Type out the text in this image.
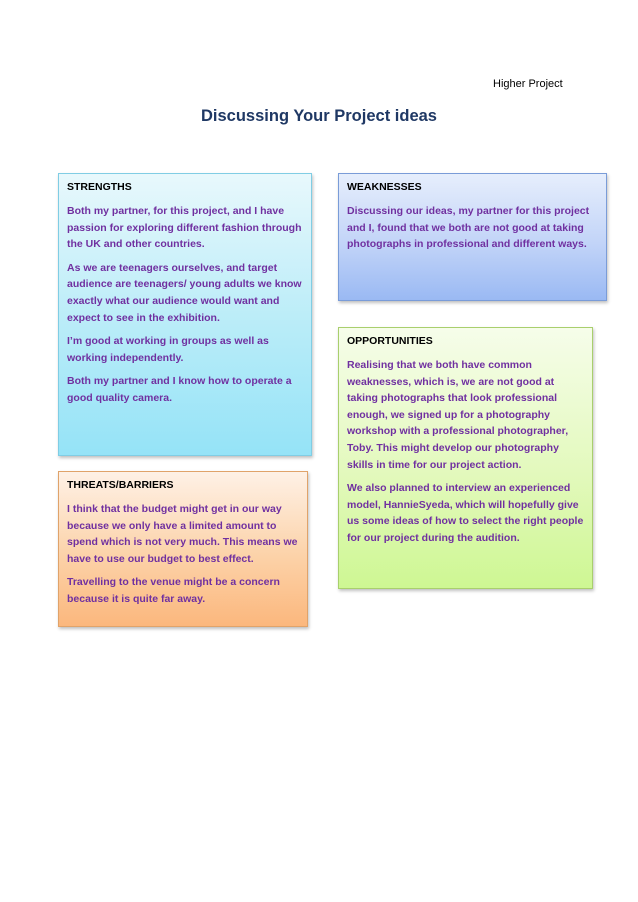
Higher Project
Discussing Your Project ideas

STRENGTHS

Both my partner, for this project, and I have passion for exploring different fashion through the UK and other countries.

As we are teenagers ourselves, and target audience are teenagers/ young adults we know exactly what our audience would want and expect to see in the exhibition.

I’m good at working in groups as well as working independently.

Both my partner and I know how to operate a good quality camera.

WEAKNESSES

Discussing our ideas, my partner for this project and I, found that we both are not good at taking photographs in professional and different ways.

OPPORTUNITIES

Realising that we both have common weaknesses, which is, we are not good at taking photographs that look professional enough, we signed up for a photography workshop with a professional photographer, Toby. This might develop our photography skills in time for our project action.

We also planned to interview an experienced model, HannieSyeda, which will hopefully give us some ideas of how to select the right people for our project during the audition.

THREATS/BARRIERS

I think that the budget might get in our way because we only have a limited amount to spend which is not very much. This means we have to use our budget to best effect.

Travelling to the venue might be a concern because it is quite far away.
